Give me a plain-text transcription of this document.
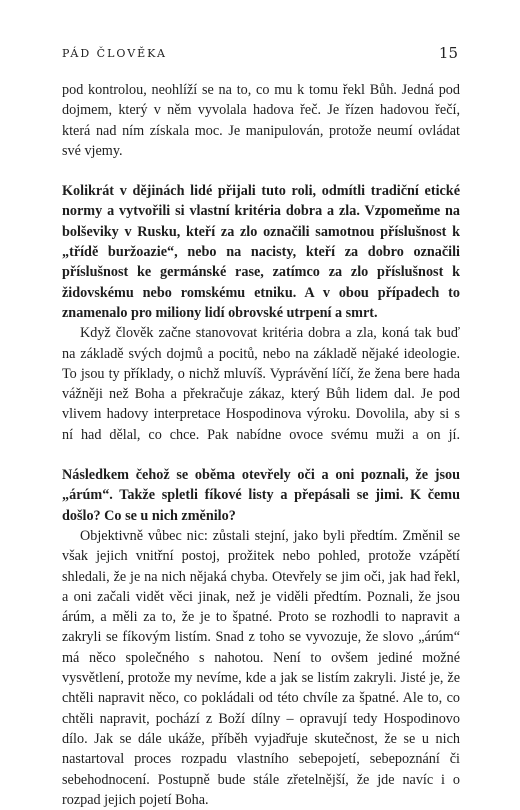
PÁD ČLOVĚKA	15

pod kontrolou, neohlíží se na to, co mu k tomu řekl Bůh. Jedná pod dojmem, který v něm vyvolala hadova řeč. Je řízen hadovou řečí, která nad ním získala moc. Je manipulován, protože neumí ovládat své vjemy.

Kolikrát v dějinách lidé přijali tuto roli, odmítli tradiční etické normy a vytvořili si vlastní kritéria dobra a zla. Vzpomeňme na bolševiky v Rusku, kteří za zlo označili samotnou příslušnost k „třídě buržoazie“, nebo na nacisty, kteří za dobro označili příslušnost ke germánské rase, zatímco za zlo příslušnost k židovskému nebo romskému etniku. A v obou případech to znamenalo pro miliony lidí obrovské utrpení a smrt.

Když člověk začne stanovovat kritéria dobra a zla, koná tak buď na základě svých dojmů a pocitů, nebo na základě nějaké ideologie. To jsou ty příklady, o nichž mluvíš. Vyprávění líčí, že žena bere hada vážněji než Boha a překračuje zákaz, který Bůh lidem dal. Je pod vlivem hadovy interpretace Hospodinova výroku. Dovolila, aby si s ní had dělal, co chce. Pak nabídne ovoce svému muži a on jí.

Následkem čehož se oběma otevřely oči a oni poznali, že jsou „árúm“. Takže spletli fíkové listy a přepásali se jimi. K čemu došlo? Co se u nich změnilo?

Objektivně vůbec nic: zůstali stejní, jako byli předtím. Změnil se však jejich vnitřní postoj, prožitek nebo pohled, protože vzápětí shledali, že je na nich nějaká chyba. Otevřely se jim oči, jak had řekl, a oni začali vidět věci jinak, než je viděli předtím. Poznali, že jsou árúm, a měli za to, že je to špatné. Proto se rozhodli to napravit a zakryli se fíkovým listím. Snad z toho se vyvozuje, že slovo „árúm“ má něco společného s nahotou. Není to ovšem jediné možné vysvětlení, protože my nevíme, kde a jak se listím zakryli. Jisté je, že chtěli napravit něco, co pokládali od této chvíle za špatné. Ale to, co chtěli napravit, pochází z Boží dílny – opravují tedy Hospodinovo dílo. Jak se dále ukáže, příběh vyjadřuje skutečnost, že se u nich nastartoval proces rozpadu vlastního sebepojetí, sebepoznání či sebehodnocení. Postupně bude stále zřetelnější, že jde navíc i o rozpad jejich pojetí Boha.
